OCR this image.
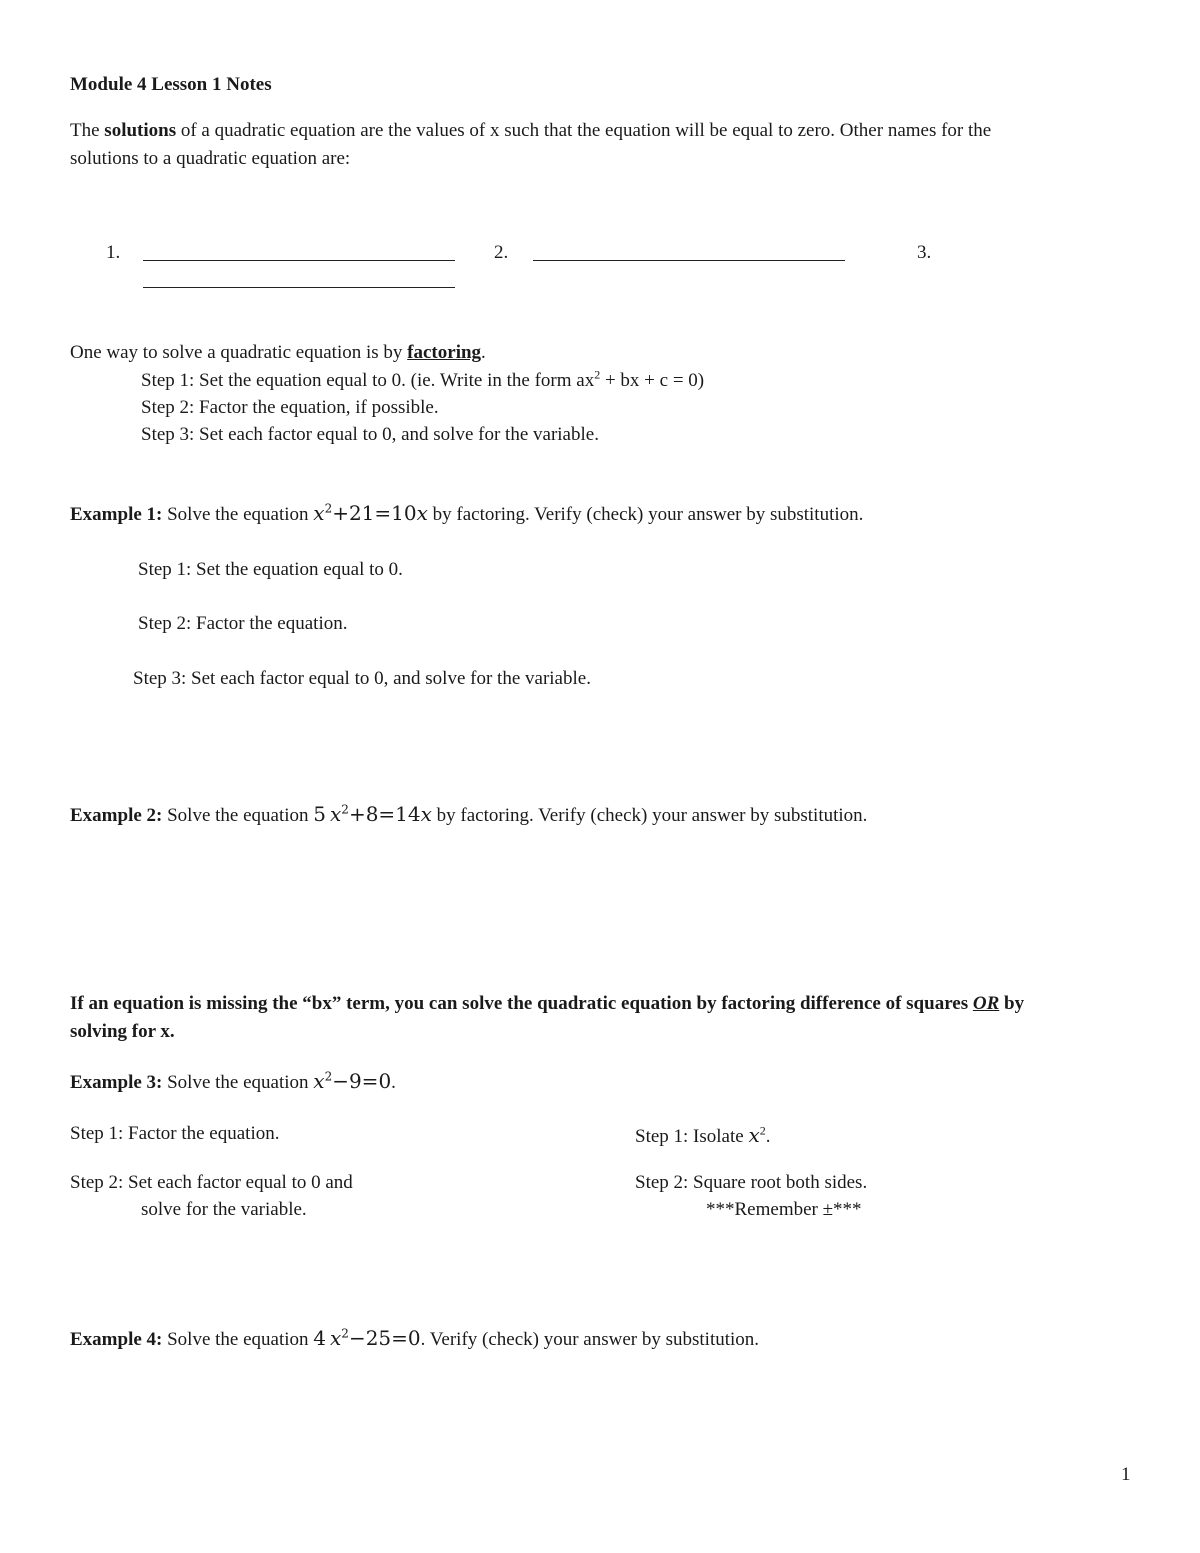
Module 4 Lesson 1 Notes
The solutions of a quadratic equation are the values of x such that the equation will be equal to zero. Other names for the
solutions to a quadratic equation are:
1.	2.	3.
One way to solve a quadratic equation is by factoring.
Step 1: Set the equation equal to 0. (ie. Write in the form $ax^2$ + bx + c = 0)
Step 2: Factor the equation, if possible.
Step 3: Set each factor equal to 0, and solve for the variable.
Example 1: Solve the equation $x^2+21=10x$ by factoring. Verify (check) your answer by substitution.
Step 1: Set the equation equal to 0.
Step 2: Factor the equation.
Step 3: Set each factor equal to 0, and solve for the variable.
Example 2: Solve the equation 5  $x^2+8=14x$ by factoring. Verify (check) your answer by substitution.
If an equation is missing the “bx” term, you can solve the quadratic equation by factoring difference of squares OR by
solving for x.
Example 3: Solve the equation $x^2-9=0$.
Step 1: Factor the equation.
Step 2: Set each factor equal to 0 and
solve for the variable.
Step 1: Isolate $x^2$.
Step 2: Square root both sides.
***Remember ±***
Example 4: Solve the equation 4  $x^2-25=0$. Verify (check) your answer by substitution.
1
